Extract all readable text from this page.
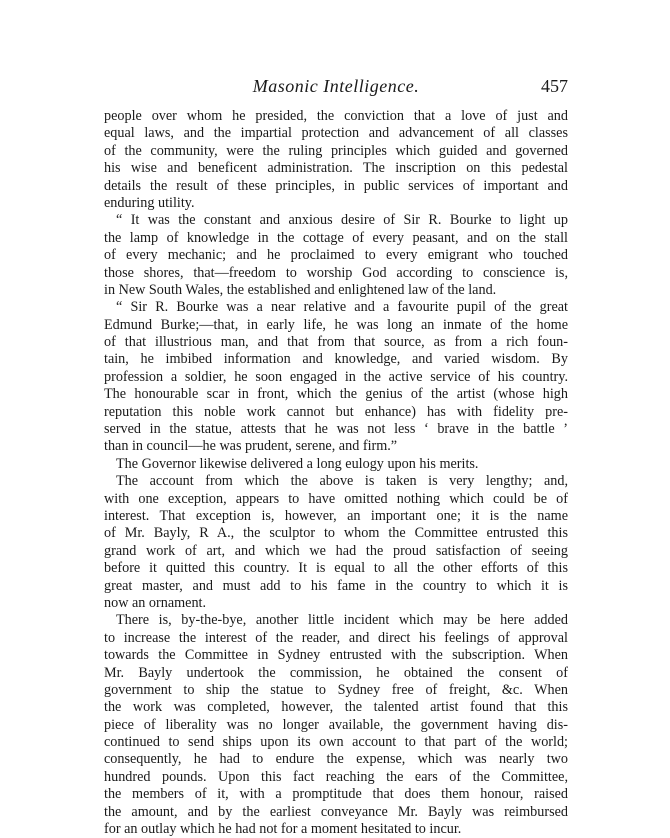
Masonic Intelligence.	457
people over whom he presided, the conviction that a love of just and
equal laws, and the impartial protection and advancement of all classes
of the community, were the ruling principles which guided and governed
his wise and beneficent administration. The inscription on this pedestal
details the result of these principles, in public services of important and
enduring utility.
“ It was the constant and anxious desire of Sir R. Bourke to light up
the lamp of knowledge in the cottage of every peasant, and on the stall
of every mechanic; and he proclaimed to every emigrant who touched
those shores, that—freedom to worship God according to conscience is,
in New South Wales, the established and enlightened law of the land.
“ Sir R. Bourke was a near relative and a favourite pupil of the great
Edmund Burke;—that, in early life, he was long an inmate of the home
of that illustrious man, and that from that source, as from a rich foun-
tain, he imbibed information and knowledge, and varied wisdom. By
profession a soldier, he soon engaged in the active service of his country.
The honourable scar in front, which the genius of the artist (whose high
reputation this noble work cannot but enhance) has with fidelity pre-
served in the statue, attests that he was not less ‘ brave in the battle ’
than in council—he was prudent, serene, and firm.”
The Governor likewise delivered a long eulogy upon his merits.
The account from which the above is taken is very lengthy; and,
with one exception, appears to have omitted nothing which could be of
interest. That exception is, however, an important one; it is the name
of Mr. Bayly, R A., the sculptor to whom the Committee entrusted this
grand work of art, and which we had the proud satisfaction of seeing
before it quitted this country. It is equal to all the other efforts of this
great master, and must add to his fame in the country to which it is
now an ornament.
There is, by-the-bye, another little incident which may be here added
to increase the interest of the reader, and direct his feelings of approval
towards the Committee in Sydney entrusted with the subscription. When
Mr. Bayly undertook the commission, he obtained the consent of
government to ship the statue to Sydney free of freight, &c. When
the work was completed, however, the talented artist found that this
piece of liberality was no longer available, the government having dis-
continued to send ships upon its own account to that part of the world;
consequently, he had to endure the expense, which was nearly two
hundred pounds. Upon this fact reaching the ears of the Committee,
the members of it, with a promptitude that does them honour, raised
the amount, and by the earliest conveyance Mr. Bayly was reimbursed
for an outlay which he had not for a moment hesitated to incur.
